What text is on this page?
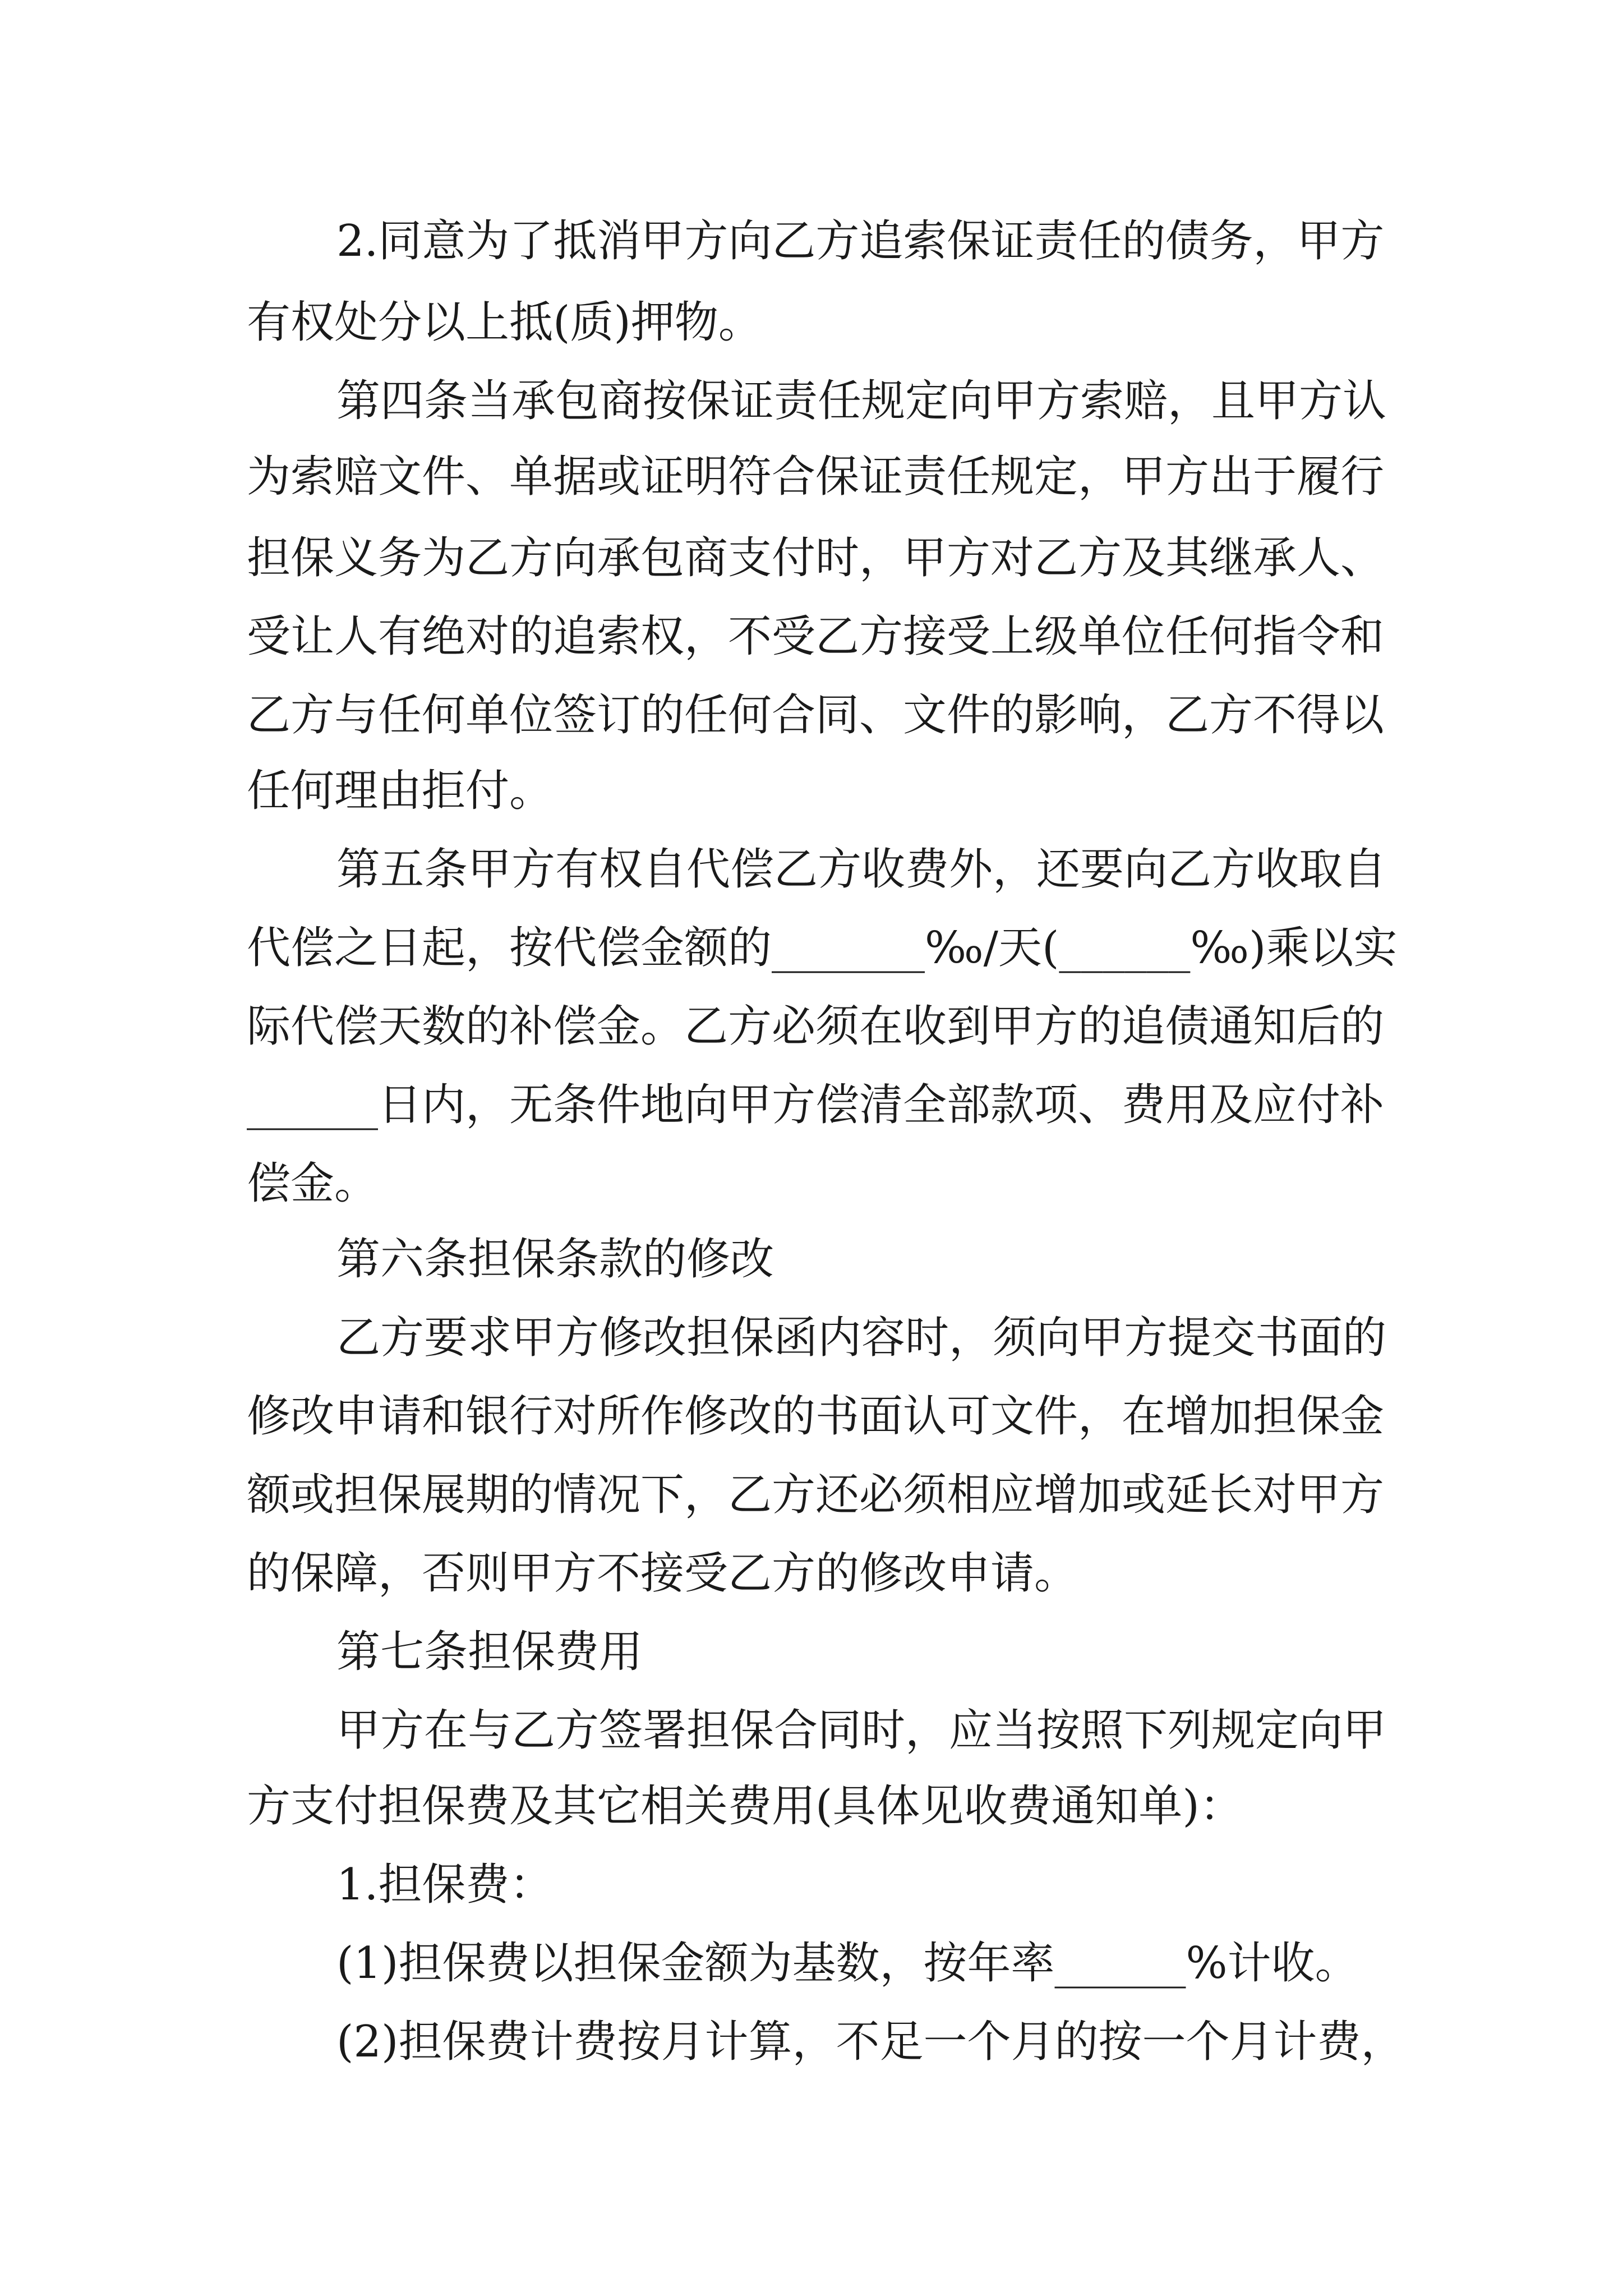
2.同意为了抵消甲方向乙方追索保证责任的债务，甲方
有权处分以上抵(质)押物。
第四条当承包商按保证责任规定向甲方索赔，且甲方认
为索赔文件、单据或证明符合保证责任规定，甲方出于履行
担保义务为乙方向承包商支付时，甲方对乙方及其继承人、
受让人有绝对的追索权，不受乙方接受上级单位任何指令和
乙方与任何单位签订的任何合同、文件的影响，乙方不得以
任何理由拒付。
第五条甲方有权自代偿乙方收费外，还要向乙方收取自
代偿之日起，按代偿金额的_______‰/天(______‰)乘以实
际代偿天数的补偿金。乙方必须在收到甲方的追债通知后的
______日内，无条件地向甲方偿清全部款项、费用及应付补
偿金。
第六条担保条款的修改
乙方要求甲方修改担保函内容时，须向甲方提交书面的
修改申请和银行对所作修改的书面认可文件，在增加担保金
额或担保展期的情况下，乙方还必须相应增加或延长对甲方
的保障，否则甲方不接受乙方的修改申请。
第七条担保费用
甲方在与乙方签署担保合同时，应当按照下列规定向甲
方支付担保费及其它相关费用(具体见收费通知单)：
1.担保费：
(1)担保费以担保金额为基数，按年率______%计收。
(2)担保费计费按月计算，不足一个月的按一个月计费，
